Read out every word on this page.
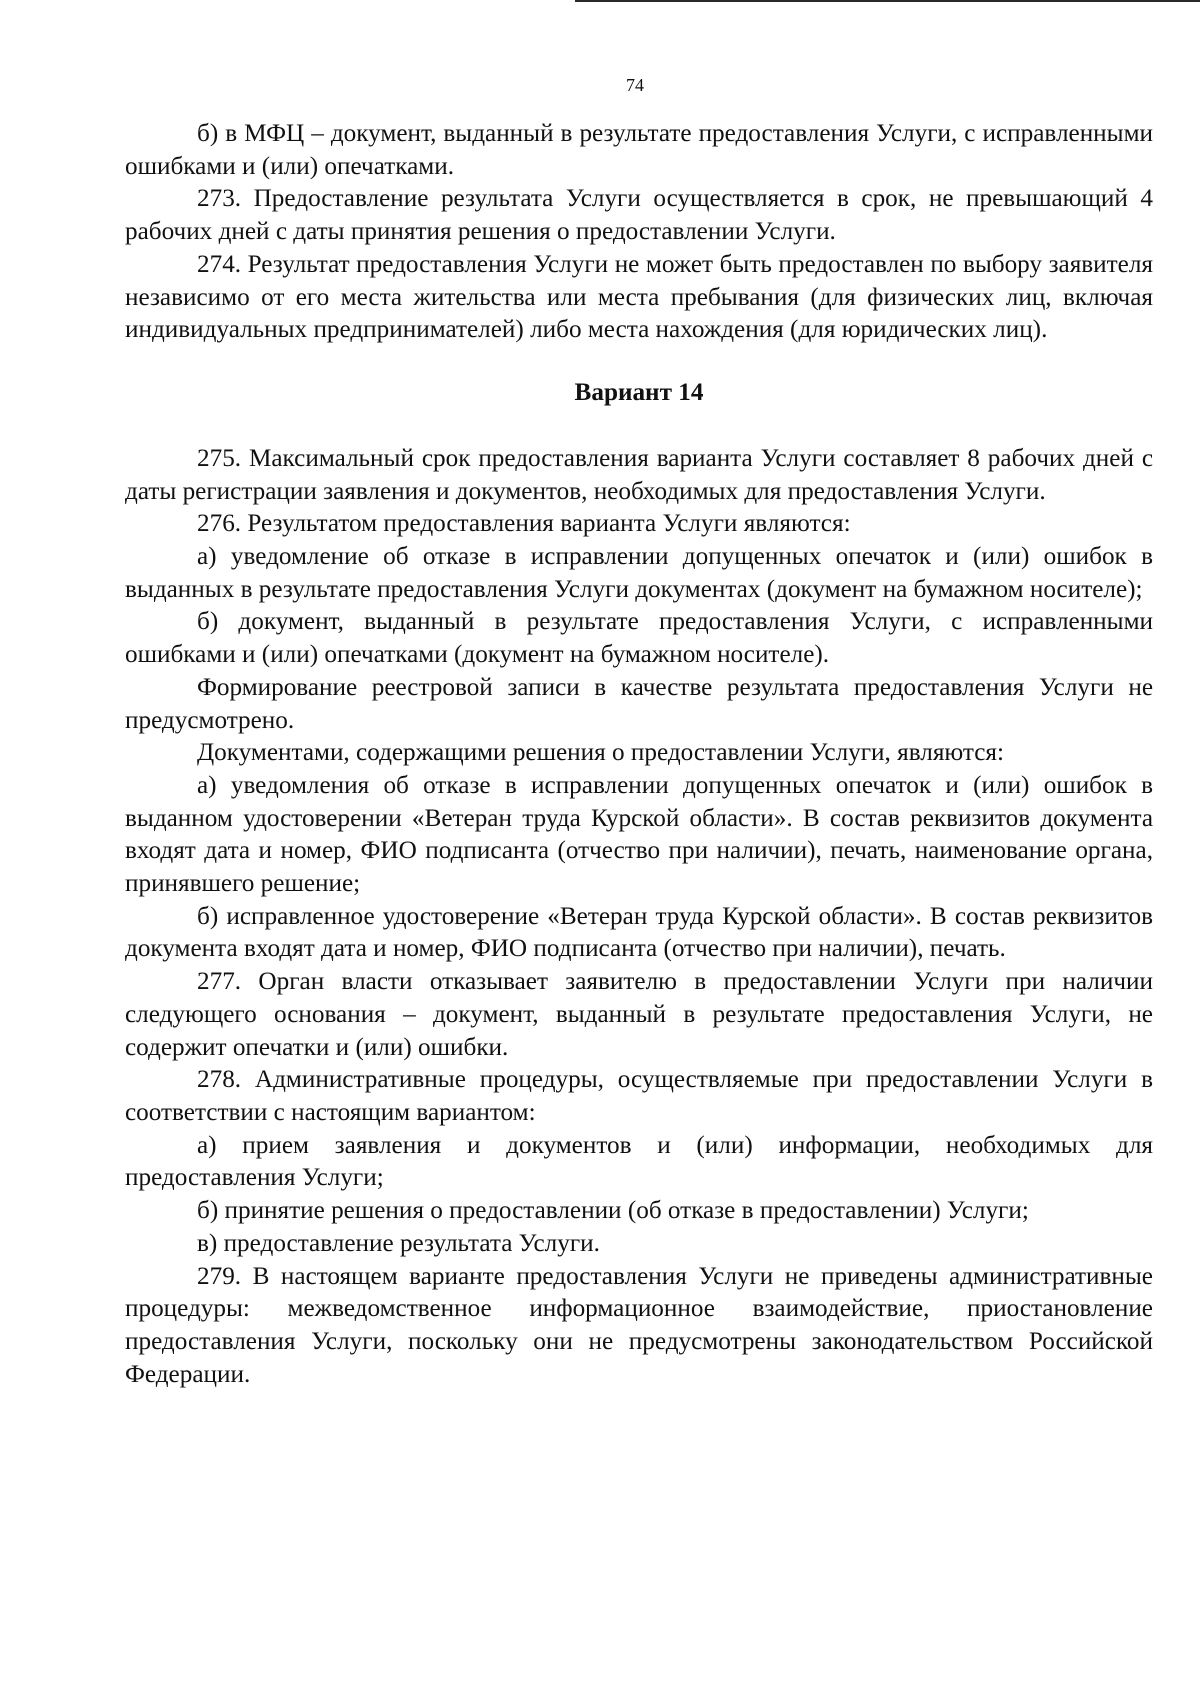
74

б) в МФЦ – документ, выданный в результате предоставления Услуги, с исправленными ошибками и (или) опечатками.

273. Предоставление результата Услуги осуществляется в срок, не превышающий 4 рабочих дней с даты принятия решения о предоставлении Услуги.

274. Результат предоставления Услуги не может быть предоставлен по выбору заявителя независимо от его места жительства или места пребывания (для физических лиц, включая индивидуальных предпринимателей) либо места нахождения (для юридических лиц).

Вариант 14

275. Максимальный срок предоставления варианта Услуги составляет 8 рабочих дней с даты регистрации заявления и документов, необходимых для предоставления Услуги.

276. Результатом предоставления варианта Услуги являются:

а) уведомление об отказе в исправлении допущенных опечаток и (или) ошибок в выданных в результате предоставления Услуги документах (документ на бумажном носителе);

б) документ, выданный в результате предоставления Услуги, с исправленными ошибками и (или) опечатками (документ на бумажном носителе).

Формирование реестровой записи в качестве результата предоставления Услуги не предусмотрено.

Документами, содержащими решения о предоставлении Услуги, являются:

а) уведомления об отказе в исправлении допущенных опечаток и (или) ошибок в выданном удостоверении «Ветеран труда Курской области». В состав реквизитов документа входят дата и номер, ФИО подписанта (отчество при наличии), печать, наименование органа, принявшего решение;

б) исправленное удостоверение «Ветеран труда Курской области». В состав реквизитов документа входят дата и номер, ФИО подписанта (отчество при наличии), печать.

277. Орган власти отказывает заявителю в предоставлении Услуги при наличии следующего основания – документ, выданный в результате предоставления Услуги, не содержит опечатки и (или) ошибки.

278. Административные процедуры, осуществляемые при предоставлении Услуги в соответствии с настоящим вариантом:

а) прием заявления и документов и (или) информации, необходимых для предоставления Услуги;

б) принятие решения о предоставлении (об отказе в предоставлении) Услуги;

в) предоставление результата Услуги.

279. В настоящем варианте предоставления Услуги не приведены административные процедуры: межведомственное информационное взаимодействие, приостановление предоставления Услуги, поскольку они не предусмотрены законодательством Российской Федерации.
